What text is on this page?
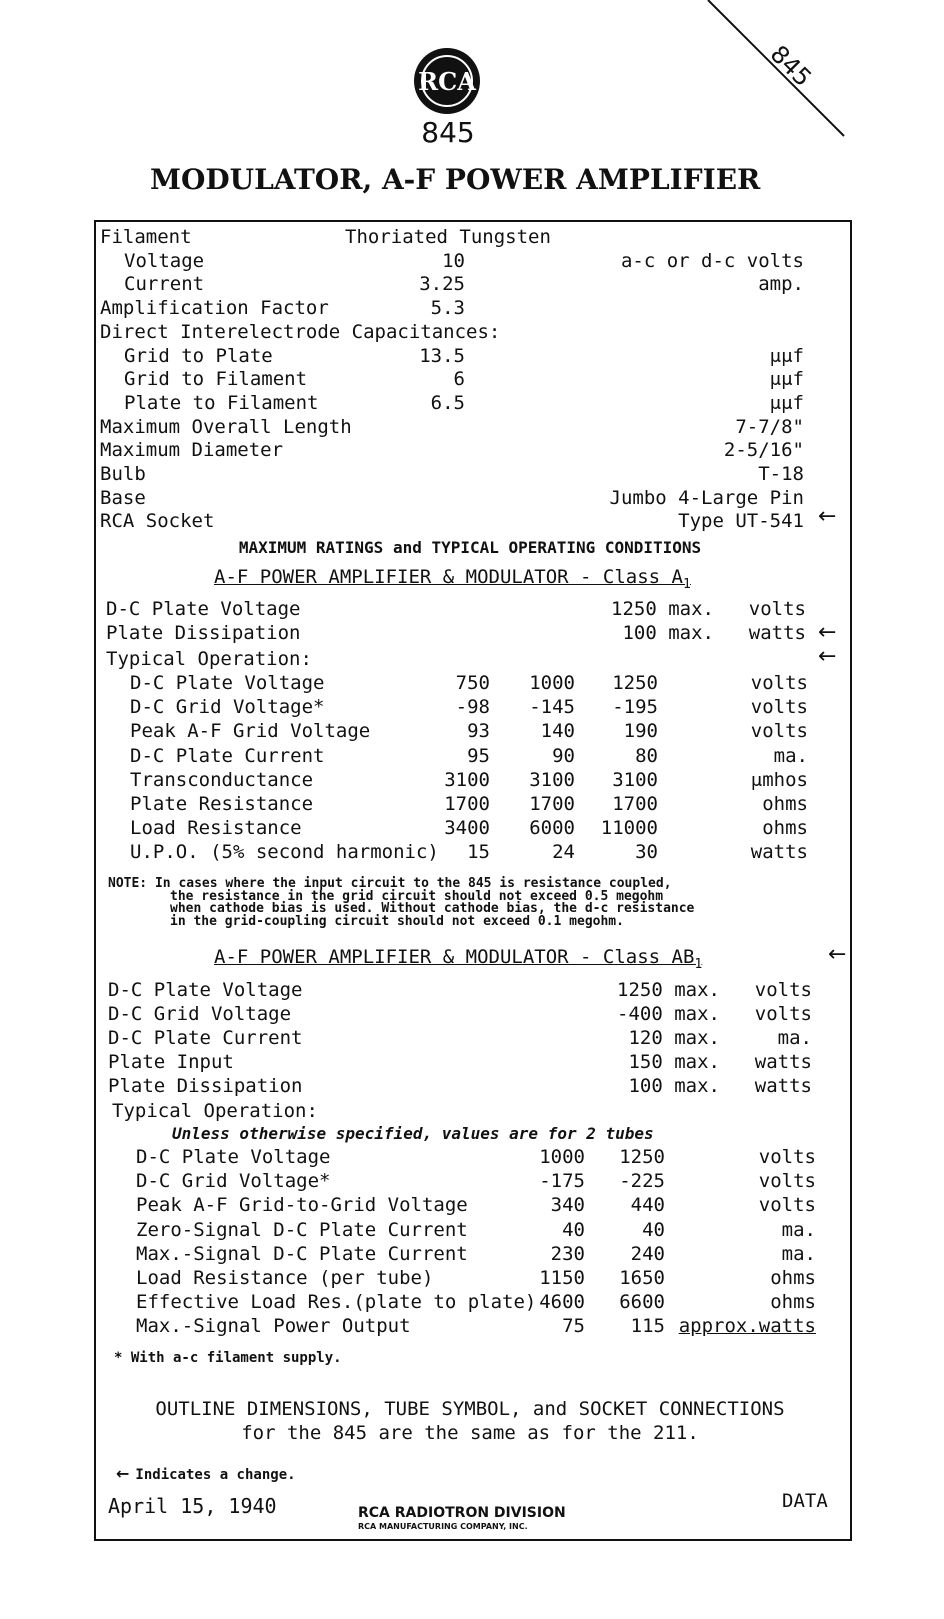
RCA
845
MODULATOR, A-F POWER AMPLIFIER
845
Filament	Thoriated Tungsten
Voltage	10	a-c or d-c volts
Current	3.25	amp.
Amplification Factor	5.3
Direct Interelectrode Capacitances:
Grid to Plate	13.5	μμf
Grid to Filament	6	μμf
Plate to Filament	6.5	μμf
Maximum Overall Length	7-7/8"
Maximum Diameter	2-5/16"
Bulb	T-18
Base	Jumbo 4-Large Pin
RCA Socket	Type UT-541
MAXIMUM RATINGS and TYPICAL OPERATING CONDITIONS
A-F POWER AMPLIFIER & MODULATOR - Class $A_1$
D-C Plate Voltage	1250 max.	volts
Plate Dissipation	100 max.	watts
Typical Operation:
D-C Plate Voltage	750	1000	1250	volts
D-C Grid Voltage*	-98	-145	-195	volts
Peak A-F Grid Voltage	93	140	190	volts
D-C Plate Current	95	90	80	ma.
Transconductance	3100	3100	3100	μmhos
Plate Resistance	1700	1700	1700	ohms
Load Resistance	3400	6000	11000	ohms
U.P.O. (5% second harmonic)	15	24	30	watts
NOTE: In cases where the input circuit to the 845 is resistance coupled,
the resistance in the grid circuit should not exceed 0.5 megohm
when cathode bias is used. Without cathode bias, the d-c resistance
in the grid-coupling circuit should not exceed 0.1 megohm.
A-F POWER AMPLIFIER & MODULATOR - Class $AB_1$
D-C Plate Voltage	1250 max.	volts
D-C Grid Voltage	-400 max.	volts
D-C Plate Current	120 max.	ma.
Plate Input	150 max.	watts
Plate Dissipation	100 max.	watts
Typical Operation:
Unless otherwise specified, values are for 2 tubes
D-C Plate Voltage	1000	1250	volts
D-C Grid Voltage*	-175	-225	volts
Peak A-F Grid-to-Grid Voltage	340	440	volts
Zero-Signal D-C Plate Current	40	40	ma.
Max.-Signal D-C Plate Current	230	240	ma.
Load Resistance (per tube)	1150	1650	ohms
Effective Load Res.(plate to plate) 4600	6600	ohms
Max.-Signal Power Output	75	115 approx.watts
* With a-c filament supply.
OUTLINE DIMENSIONS, TUBE SYMBOL, and SOCKET CONNECTIONS
for the 845 are the same as for the 211.
← Indicates a change.
←
←
←
←
April 15, 1940	RCA RADIOTRON DIVISION
RCA MANUFACTURING COMPANY, INC.
DATA
